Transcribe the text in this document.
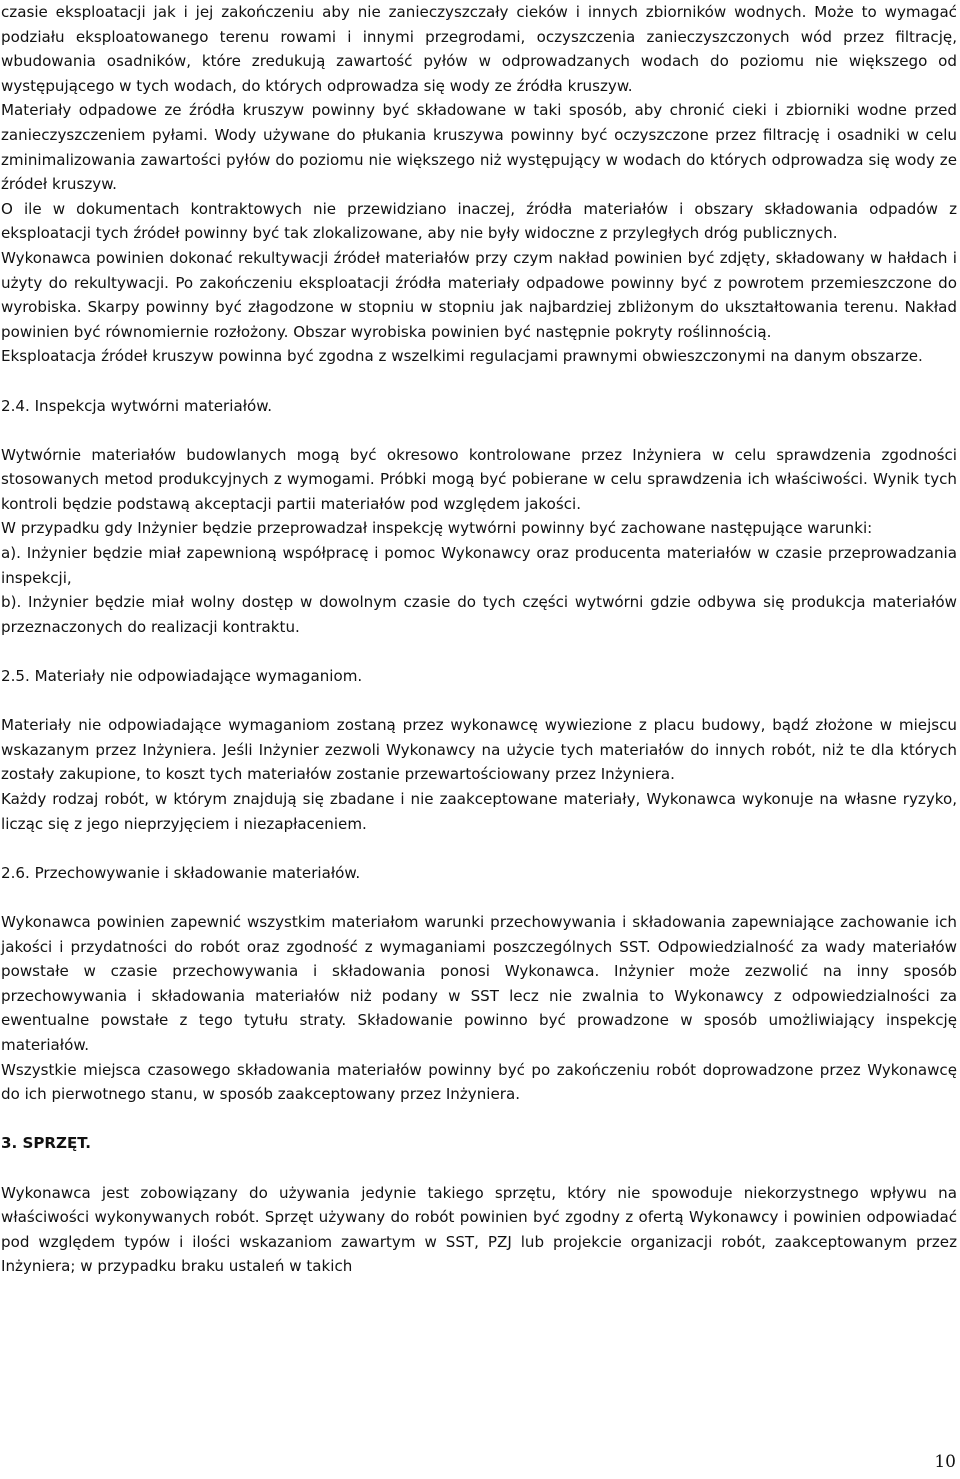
czasie eksploatacji jak i jej zakończeniu aby nie zanieczyszczały cieków i innych zbiorników wodnych. Może to wymagać podziału eksploatowanego terenu rowami i innymi przegrodami, oczyszczenia zanieczyszczonych wód przez filtrację, wbudowania osadników, które zredukują zawartość pyłów w odprowadzanych wodach do poziomu nie większego od występującego w tych wodach, do których odprowadza się wody ze źródła kruszyw.

Materiały odpadowe ze źródła kruszyw powinny być składowane w taki sposób, aby chronić cieki i zbiorniki wodne przed zanieczyszczeniem pyłami. Wody używane do płukania kruszywa powinny być oczyszczone przez filtrację i osadniki w celu zminimalizowania zawartości pyłów do poziomu nie większego niż występujący w wodach do których odprowadza się wody ze źródeł kruszyw.

O ile w dokumentach kontraktowych nie przewidziano inaczej, źródła materiałów i obszary składowania odpadów z eksploatacji tych źródeł powinny być tak zlokalizowane, aby nie były widoczne z przyległych dróg publicznych.

Wykonawca powinien dokonać rekultywacji źródeł materiałów przy czym nakład powinien być zdjęty, składowany w hałdach i użyty do rekultywacji. Po zakończeniu eksploatacji źródła materiały odpadowe powinny być z powrotem przemieszczone do wyrobiska. Skarpy powinny być złagodzone w stopniu w stopniu jak najbardziej zbliżonym do ukształtowania terenu. Nakład powinien być równomiernie rozłożony. Obszar wyrobiska powinien być następnie pokryty roślinnością.

Eksploatacja źródeł kruszyw powinna być zgodna z wszelkimi regulacjami prawnymi obwieszczonymi na danym obszarze.

2.4. Inspekcja wytwórni materiałów.

Wytwórnie materiałów budowlanych mogą być okresowo kontrolowane przez Inżyniera w celu sprawdzenia zgodności stosowanych metod produkcyjnych z wymogami. Próbki mogą być pobierane w celu sprawdzenia ich właściwości. Wynik tych kontroli będzie podstawą akceptacji partii materiałów pod względem jakości.

W przypadku gdy Inżynier będzie przeprowadzał inspekcję wytwórni powinny być zachowane następujące warunki:

a). Inżynier będzie miał zapewnioną współpracę i pomoc Wykonawcy oraz producenta materiałów w czasie przeprowadzania inspekcji,

b). Inżynier będzie miał wolny dostęp w dowolnym czasie do tych części wytwórni gdzie odbywa się produkcja materiałów przeznaczonych do realizacji kontraktu.

2.5. Materiały nie odpowiadające wymaganiom.

Materiały nie odpowiadające wymaganiom zostaną przez wykonawcę wywiezione z placu budowy, bądź złożone w miejscu wskazanym przez Inżyniera. Jeśli Inżynier zezwoli Wykonawcy na użycie tych materiałów do innych robót, niż te dla których zostały zakupione, to koszt tych materiałów zostanie przewartościowany przez Inżyniera.

Każdy rodzaj robót, w którym znajdują się zbadane i nie zaakceptowane materiały, Wykonawca wykonuje na własne ryzyko, licząc się z jego nieprzyjęciem i niezapłaceniem.

2.6. Przechowywanie i składowanie materiałów.

Wykonawca powinien zapewnić wszystkim materiałom warunki przechowywania i składowania zapewniające zachowanie ich jakości i przydatności do robót oraz zgodność z wymaganiami poszczególnych SST. Odpowiedzialność za wady materiałów powstałe w czasie przechowywania i składowania ponosi Wykonawca. Inżynier może zezwolić na inny sposób przechowywania i składowania materiałów niż podany w SST lecz nie zwalnia to Wykonawcy z odpowiedzialności za ewentualne powstałe z tego tytułu straty. Składowanie powinno być prowadzone w sposób umożliwiający inspekcję materiałów.

Wszystkie miejsca czasowego składowania materiałów powinny być po zakończeniu robót doprowadzone przez Wykonawcę do ich pierwotnego stanu, w sposób zaakceptowany przez Inżyniera.

3. SPRZĘT.

Wykonawca jest zobowiązany do używania jedynie takiego sprzętu, który nie spowoduje niekorzystnego wpływu na właściwości wykonywanych robót. Sprzęt używany do robót powinien być zgodny z ofertą Wykonawcy i powinien odpowiadać pod względem typów i ilości wskazaniom zawartym w SST, PZJ lub projekcie organizacji robót, zaakceptowanym przez Inżyniera; w przypadku braku ustaleń w takich

10
